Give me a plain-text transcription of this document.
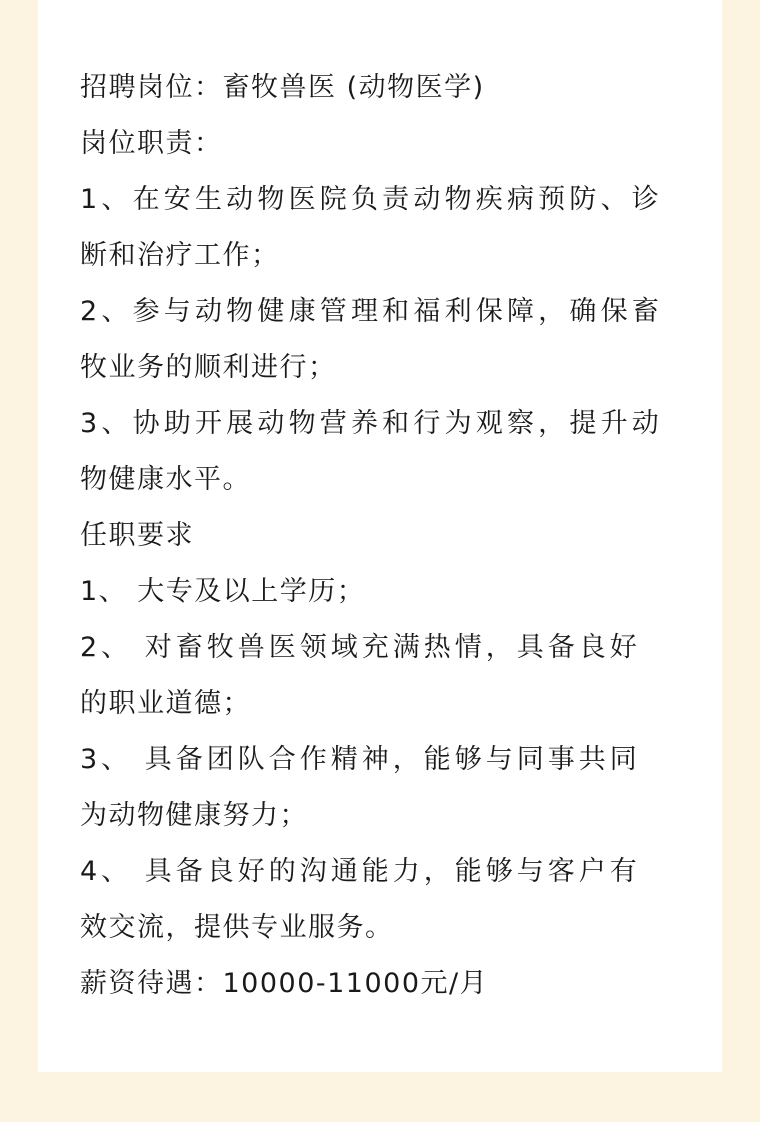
招聘岗位：畜牧兽医 (动物医学)
岗位职责：
1、在安生动物医院负责动物疾病预防、诊
断和治疗工作；
2、参与动物健康管理和福利保障，确保畜
牧业务的顺利进行；
3、协助开展动物营养和行为观察，提升动
物健康水平。
任职要求
1、 大专及以上学历；
2、 对畜牧兽医领域充满热情，具备良好
的职业道德；
3、 具备团队合作精神，能够与同事共同
为动物健康努力；
4、 具备良好的沟通能力，能够与客户有
效交流，提供专业服务。
薪资待遇：10000-11000元/月
